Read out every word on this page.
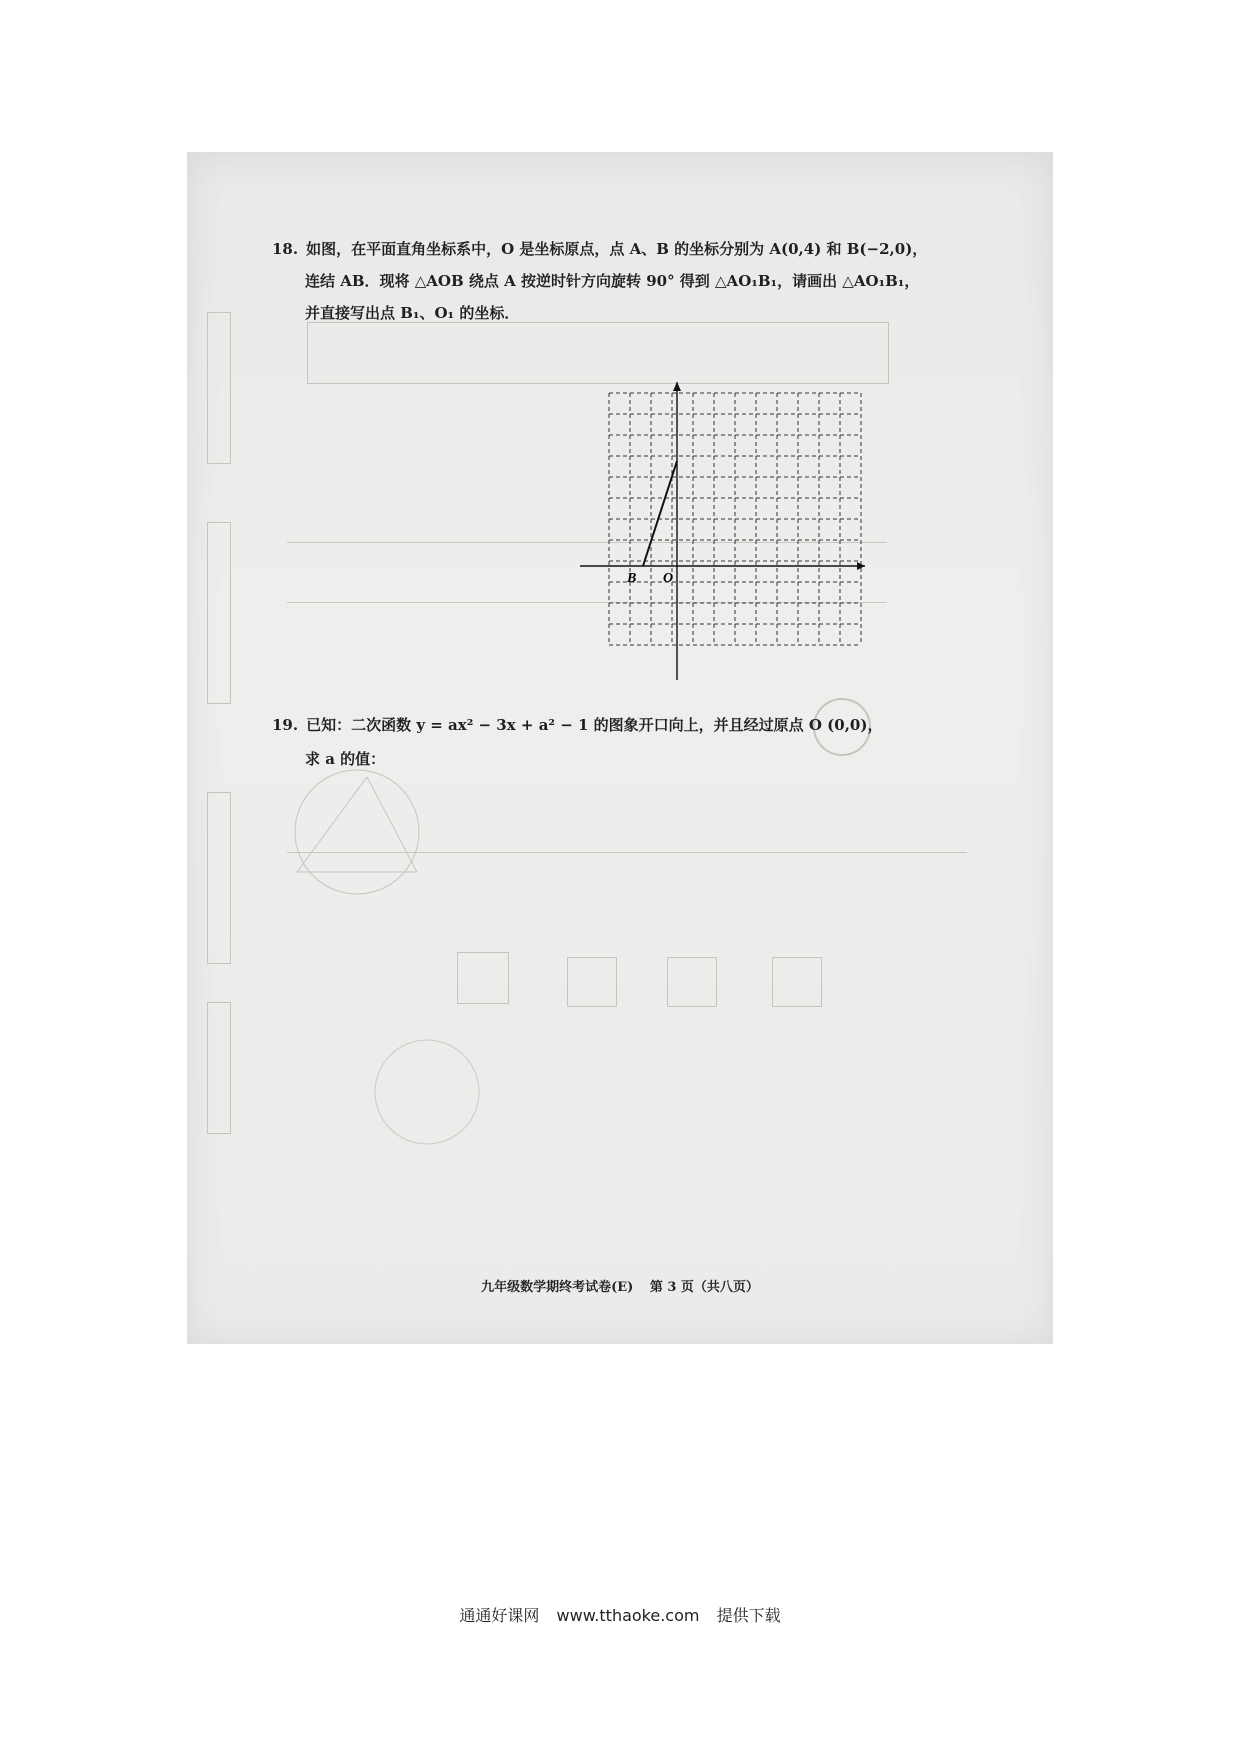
18. 如图，在平面直角坐标系中，O 是坐标原点，点 A、B 的坐标分别为 A(0,4) 和 B(−2,0)，
连结 AB．现将 △AOB 绕点 A 按逆时针方向旋转 90° 得到 △AO₁B₁，请画出 △AO₁B₁，
并直接写出点 B₁、O₁ 的坐标．
B O
19. 已知：二次函数 y = ax² − 3x + a² − 1 的图象开口向上，并且经过原点 O (0,0)，
求 a 的值：
九年级数学期终考试卷(E) 第 3 页（共八页）
通通好课网 www.tthaoke.com 提供下载
